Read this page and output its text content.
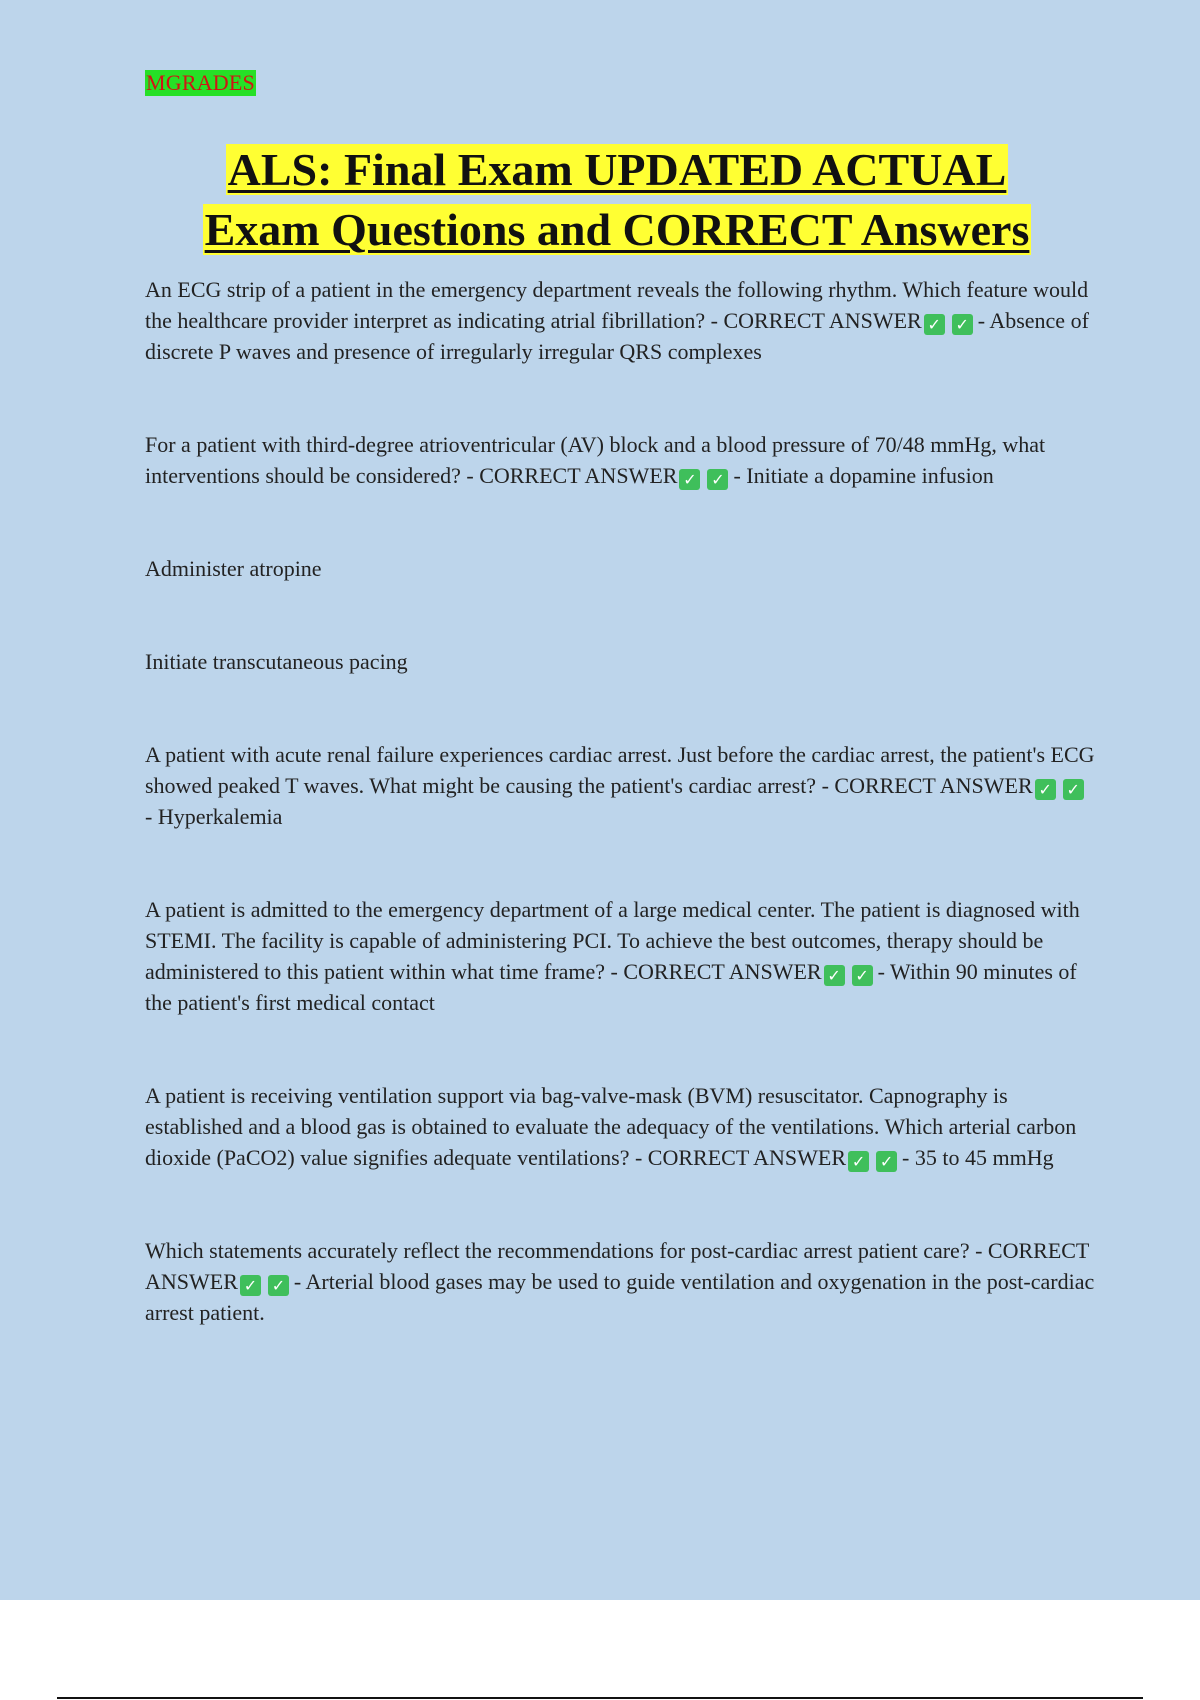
MGRADES
ALS: Final Exam UPDATED ACTUAL
Exam Questions and CORRECT Answers

An ECG strip of a patient in the emergency department reveals the following rhythm. Which feature would the healthcare provider interpret as indicating atrial fibrillation? - CORRECT ANSWER ✓ ✓ - Absence of discrete P waves and presence of irregularly irregular QRS complexes

For a patient with third-degree atrioventricular (AV) block and a blood pressure of 70/48 mmHg, what interventions should be considered? - CORRECT ANSWER ✓ ✓ - Initiate a dopamine infusion

Administer atropine

Initiate transcutaneous pacing

A patient with acute renal failure experiences cardiac arrest. Just before the cardiac arrest, the patient's ECG showed peaked T waves. What might be causing the patient's cardiac arrest? - CORRECT ANSWER ✓ ✓- Hyperkalemia

A patient is admitted to the emergency department of a large medical center. The patient is diagnosed with STEMI. The facility is capable of administering PCI. To achieve the best outcomes, therapy should be administered to this patient within what time frame? - CORRECT ANSWER ✓ ✓ - Within 90 minutes of the patient's first medical contact

A patient is receiving ventilation support via bag-valve-mask (BVM) resuscitator. Capnography is established and a blood gas is obtained to evaluate the adequacy of the ventilations. Which arterial carbon dioxide (PaCO2) value signifies adequate ventilations? - CORRECT ANSWER ✓ ✓ - 35 to 45 mmHg

Which statements accurately reflect the recommendations for post-cardiac arrest patient care? - CORRECT ANSWER ✓ ✓ - Arterial blood gases may be used to guide ventilation and oxygenation in the post-cardiac arrest patient.
